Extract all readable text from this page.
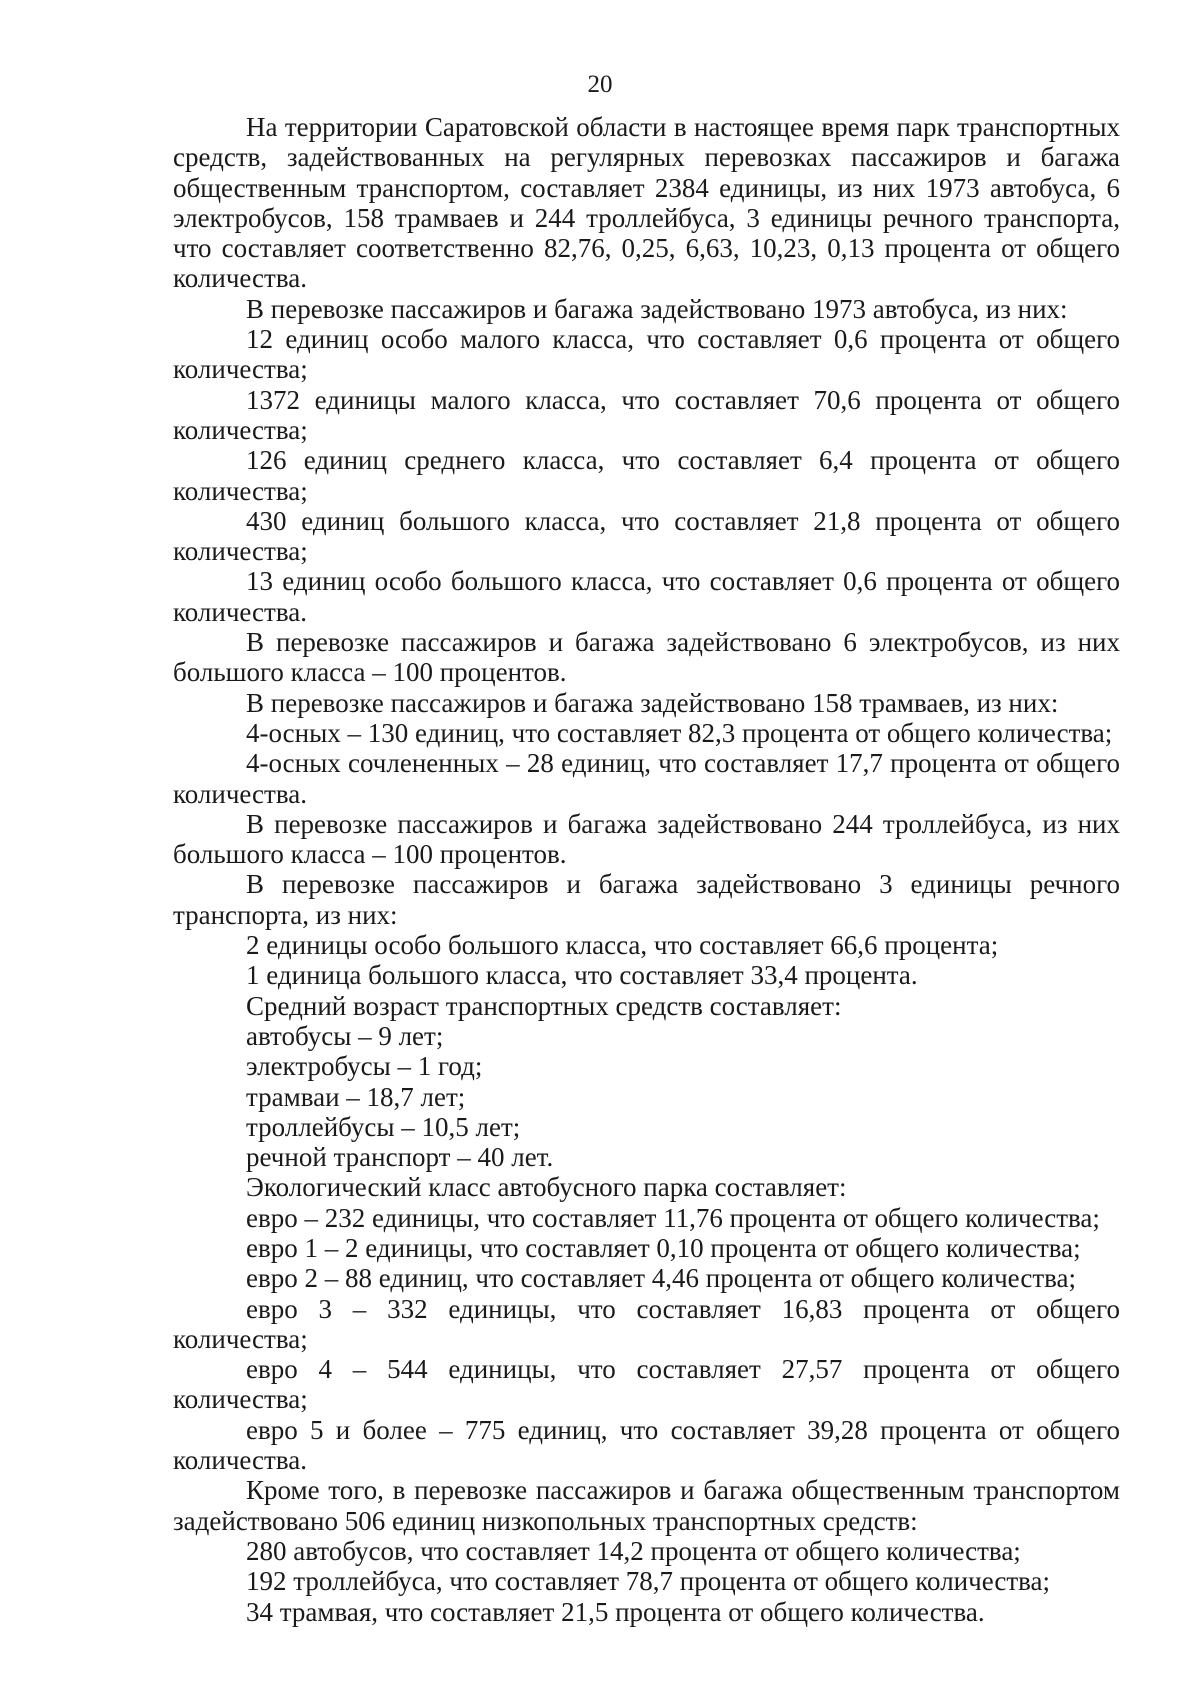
20

На территории Саратовской области в настоящее время парк транспортных средств, задействованных на регулярных перевозках пассажиров и багажа общественным транспортом, составляет 2384 единицы, из них 1973 автобуса, 6 электробусов, 158 трамваев и 244 троллейбуса, 3 единицы речного транспорта, что составляет соответственно 82,76, 0,25, 6,63, 10,23, 0,13 процента от общего количества.

В перевозке пассажиров и багажа задействовано 1973 автобуса, из них:

12 единиц особо малого класса, что составляет 0,6 процента от общего количества;

1372 единицы малого класса, что составляет 70,6 процента от общего количества;

126 единиц среднего класса, что составляет 6,4 процента от общего количества;

430 единиц большого класса, что составляет 21,8 процента от общего количества;

13 единиц особо большого класса, что составляет 0,6 процента от общего количества.

В перевозке пассажиров и багажа задействовано 6 электробусов, из них большого класса – 100 процентов.

В перевозке пассажиров и багажа задействовано 158 трамваев, из них:

4-осных – 130 единиц, что составляет 82,3 процента от общего количества;

4-осных сочлененных – 28 единиц, что составляет 17,7 процента от общего количества.

В перевозке пассажиров и багажа задействовано 244 троллейбуса, из них большого класса – 100 процентов.

В перевозке пассажиров и багажа задействовано 3 единицы речного транспорта, из них:

2 единицы особо большого класса, что составляет 66,6 процента;

1 единица большого класса, что составляет 33,4 процента.

Средний возраст транспортных средств составляет:

автобусы – 9 лет;

электробусы – 1 год;

трамваи – 18,7 лет;

троллейбусы – 10,5 лет;

речной транспорт – 40 лет.

Экологический класс автобусного парка составляет:

евро – 232 единицы, что составляет 11,76 процента от общего количества;

евро 1 – 2 единицы, что составляет 0,10 процента от общего количества;

евро 2 – 88 единиц, что составляет 4,46 процента от общего количества;

евро 3 – 332 единицы, что составляет 16,83 процента от общего количества;

евро 4 – 544 единицы, что составляет 27,57 процента от общего количества;

евро 5 и более – 775 единиц, что составляет 39,28 процента от общего количества.

Кроме того, в перевозке пассажиров и багажа общественным транспортом задействовано 506 единиц низкопольных транспортных средств:

280 автобусов, что составляет 14,2 процента от общего количества;

192 троллейбуса, что составляет 78,7 процента от общего количества;

34 трамвая, что составляет 21,5 процента от общего количества.
